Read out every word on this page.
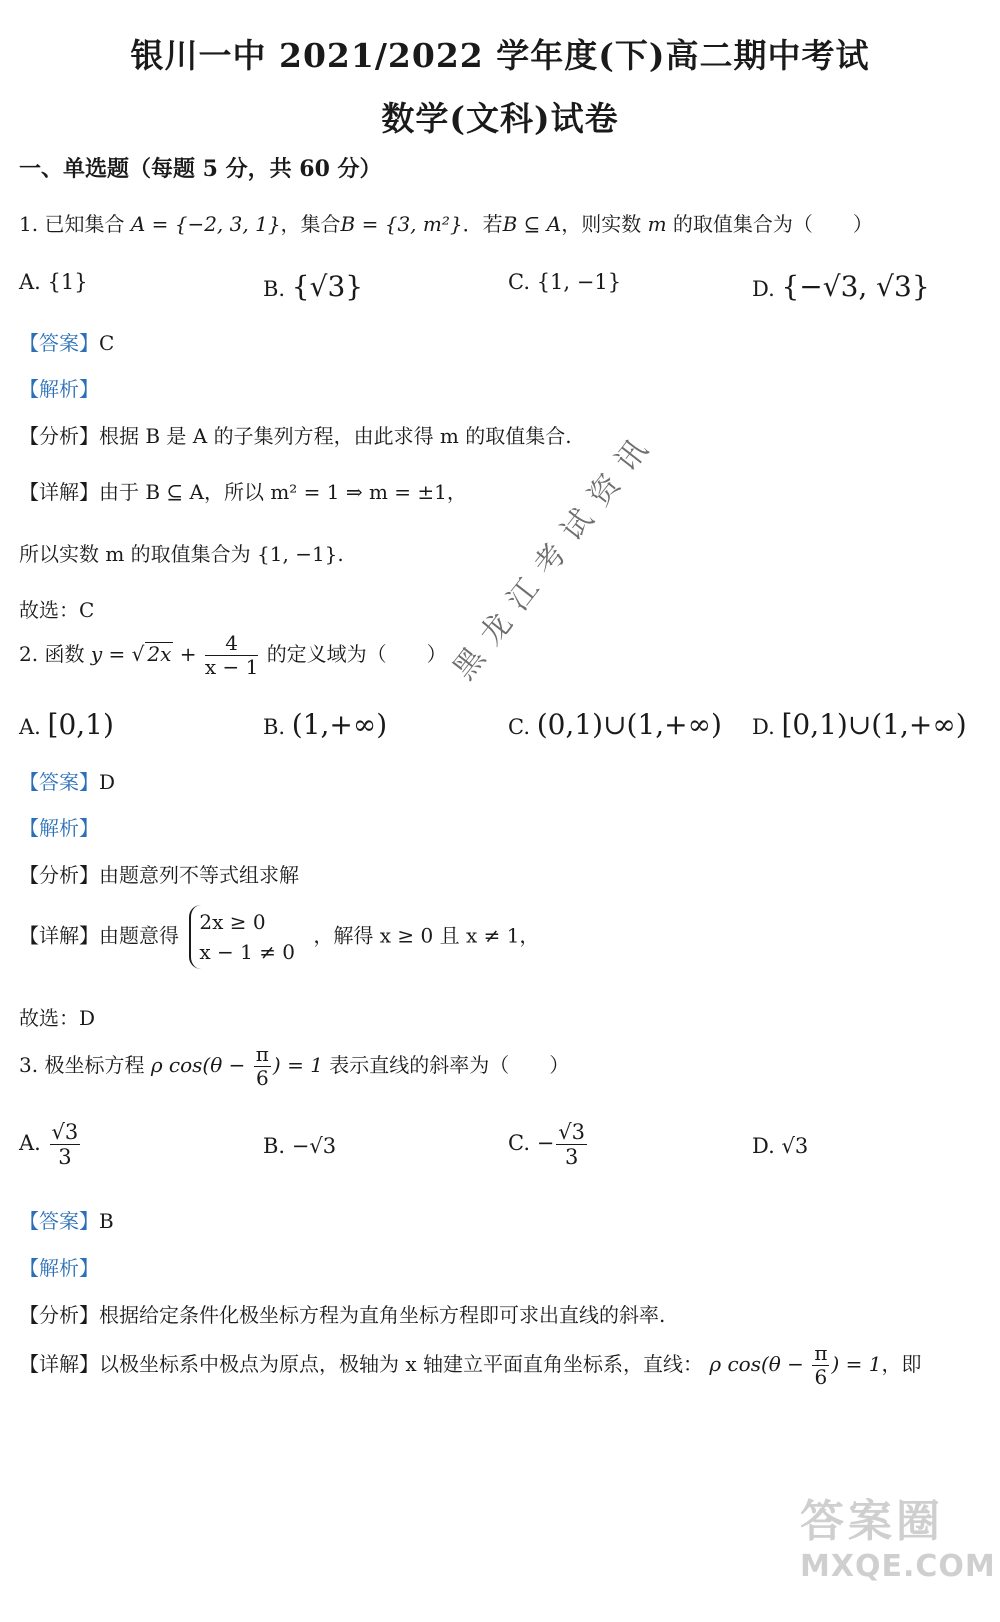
银川一中 2021/2022 学年度(下)高二期中考试
数学(文科)试卷
一、单选题（每题 5 分，共 60 分）
1. 已知集合 A = {−2, 3, 1}，集合B = {3, m²}．若B ⊆ A，则实数 m 的取值集合为（　　）
A. {1}	B. {√3}	C. {1, −1}	D. {−√3, √3}
【答案】C
【解析】
【分析】根据 B 是 A 的子集列方程，由此求得 m 的取值集合.
【详解】由于 B ⊆ A，所以 m² = 1 ⇒ m = ±1，
所以实数 m 的取值集合为 {1, −1}.
故选：C
2. 函数 y = √ $2x + \frac{4}{x - 1}$ 的定义域为（　　）
A. [0,1)	B. (1,+∞)	C. (0,1)∪(1,+∞) D. [0,1)∪(1,+∞)
【答案】D
【解析】
【分析】由题意列不等式组求解
【详解】由题意得
2x ≥ 0
x − 1 ≠ 0
，解得 x ≥ 0 且 x ≠ 1，
故选：D
3. 极坐标方程 ρ $\cos(\theta - \frac{\pi}{6}$ ) = 1 表示直线的斜率为（　　）
A. $\frac{√3}{3}$	B. −√3	C. − $\frac{√3}{3}$	D. √3
【答案】B
【解析】
【分析】根据给定条件化极坐标方程为直角坐标方程即可求出直线的斜率.
【详解】以极坐标系中极点为原点，极轴为 x 轴建立平面直角坐标系，直线： ρ $\cos(\theta - \frac{\pi}{6}$ ) = 1，即
黑龙江考试资讯
答案圈
MXQE.COM
